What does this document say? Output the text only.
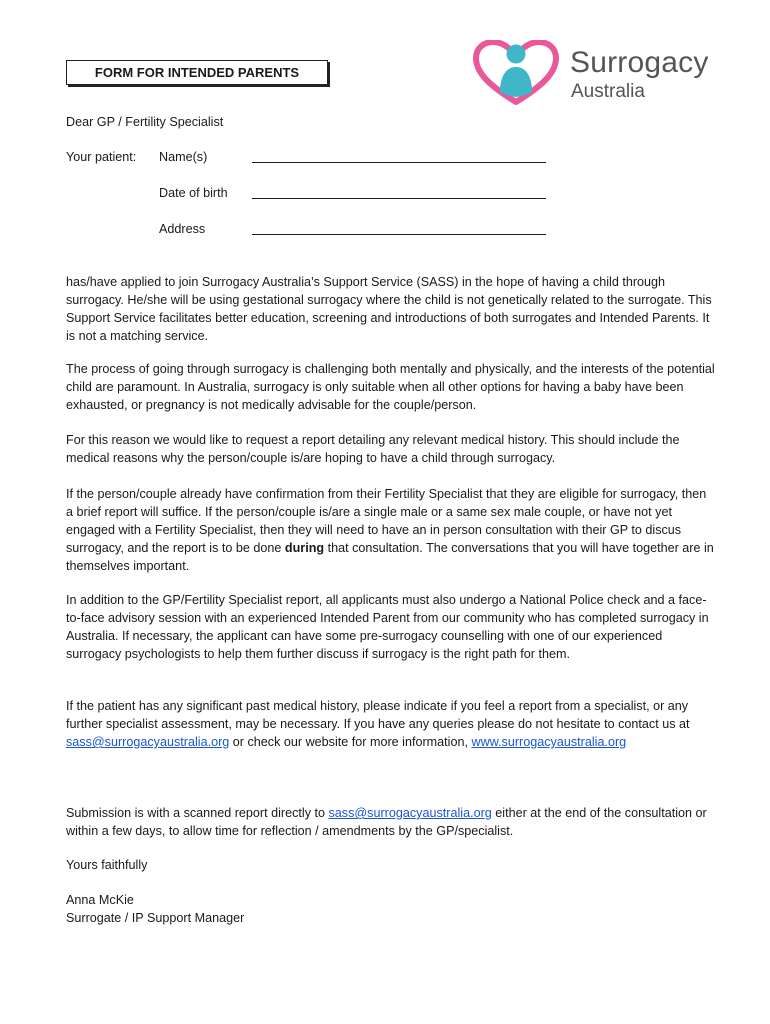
FORM FOR INTENDED PARENTS	Surrogacy
Australia
Dear GP / Fertility Specialist
Your patient: Name(s)
Date of birth
Address

has/have applied to join Surrogacy Australia’s Support Service (SASS) in the hope of having a child through surrogacy. He/she will be using gestational surrogacy where the child is not genetically related to the surrogate. This Support Service facilitates better education, screening and introductions of both surrogates and Intended Parents. It is not a matching service.

The process of going through surrogacy is challenging both mentally and physically, and the interests of the potential child are paramount. In Australia, surrogacy is only suitable when all other options for having a baby have been exhausted, or pregnancy is not medically advisable for the couple/person.

For this reason we would like to request a report detailing any relevant medical history. This should include the medical reasons why the person/couple is/are hoping to have a child through surrogacy.

If the person/couple already have confirmation from their Fertility Specialist that they are eligible for surrogacy, then a brief report will suffice. If the person/couple is/are a single male or a same sex male couple, or have not yet engaged with a Fertility Specialist, then they will need to have an in person consultation with their GP to discus surrogacy, and the report is to be done during that consultation. The conversations that you will have together are in themselves important.

In addition to the GP/Fertility Specialist report, all applicants must also undergo a National Police check and a face-to-face advisory session with an experienced Intended Parent from our community who has completed surrogacy in Australia. If necessary, the applicant can have some pre-surrogacy counselling with one of our experienced surrogacy psychologists to help them further discuss if surrogacy is the right path for them.

If the patient has any significant past medical history, please indicate if you feel a report from a specialist, or any further specialist assessment, may be necessary. If you have any queries please do not hesitate to contact us at sass@surrogacyaustralia.org or check our website for more information, www.surrogacyaustralia.org

Submission is with a scanned report directly to sass@surrogacyaustralia.org either at the end of the consultation or within a few days, to allow time for reflection / amendments by the GP/specialist.

Yours faithfully
Anna McKie
Surrogate / IP Support Manager
